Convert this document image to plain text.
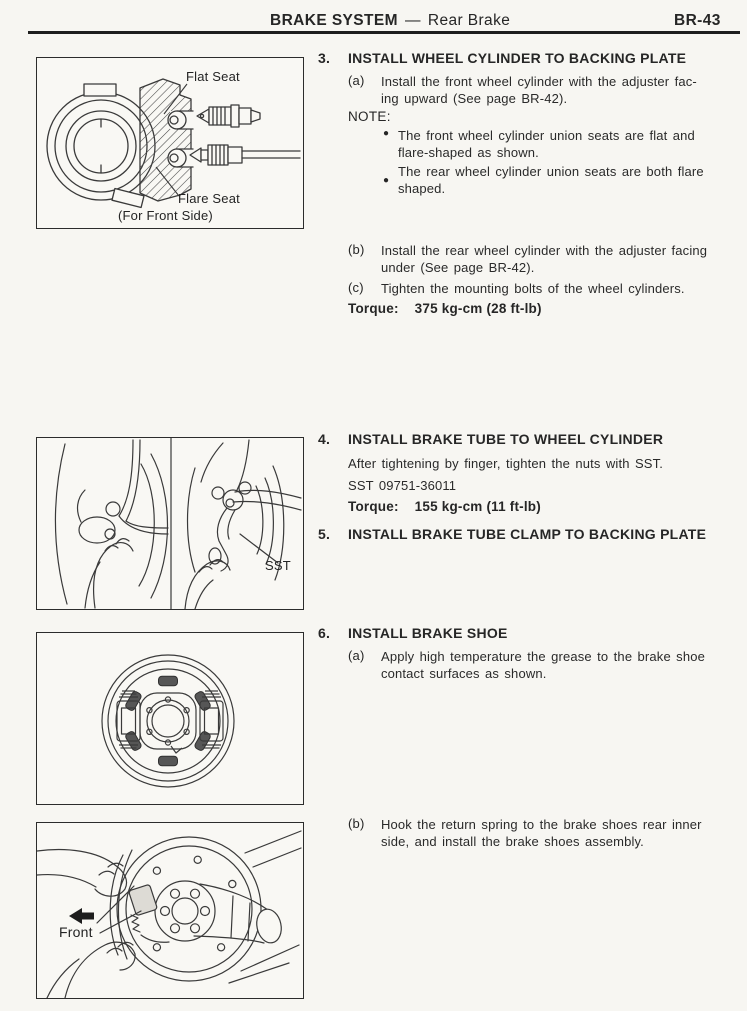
BRAKE SYSTEM — Rear Brake	BR-43
Flat Seat
Flare Seat
(For Front Side)
SST
Front
3. INSTALL WHEEL CYLINDER TO BACKING PLATE
(a) Install the front wheel cylinder with the adjuster fac-
ing upward (See page BR-42).
NOTE:
● The front wheel cylinder union seats are flat and
flare-shaped as shown.
●
The rear wheel cylinder union seats are both flare
shaped.
(b) Install the rear wheel cylinder with the adjuster facing
under (See page BR-42).
(c) Tighten the mounting bolts of the wheel cylinders.
Torque: 375 kg-cm (28 ft-lb)
4. INSTALL BRAKE TUBE TO WHEEL CYLINDER
After tightening by finger, tighten the nuts with SST.
SST 09751-36011
Torque: 155 kg-cm (11 ft-lb)
5. INSTALL BRAKE TUBE CLAMP TO BACKING PLATE
6. INSTALL BRAKE SHOE
(a) Apply high temperature the grease to the brake shoe
contact surfaces as shown.
(b) Hook the return spring to the brake shoes rear inner
side, and install the brake shoes assembly.
